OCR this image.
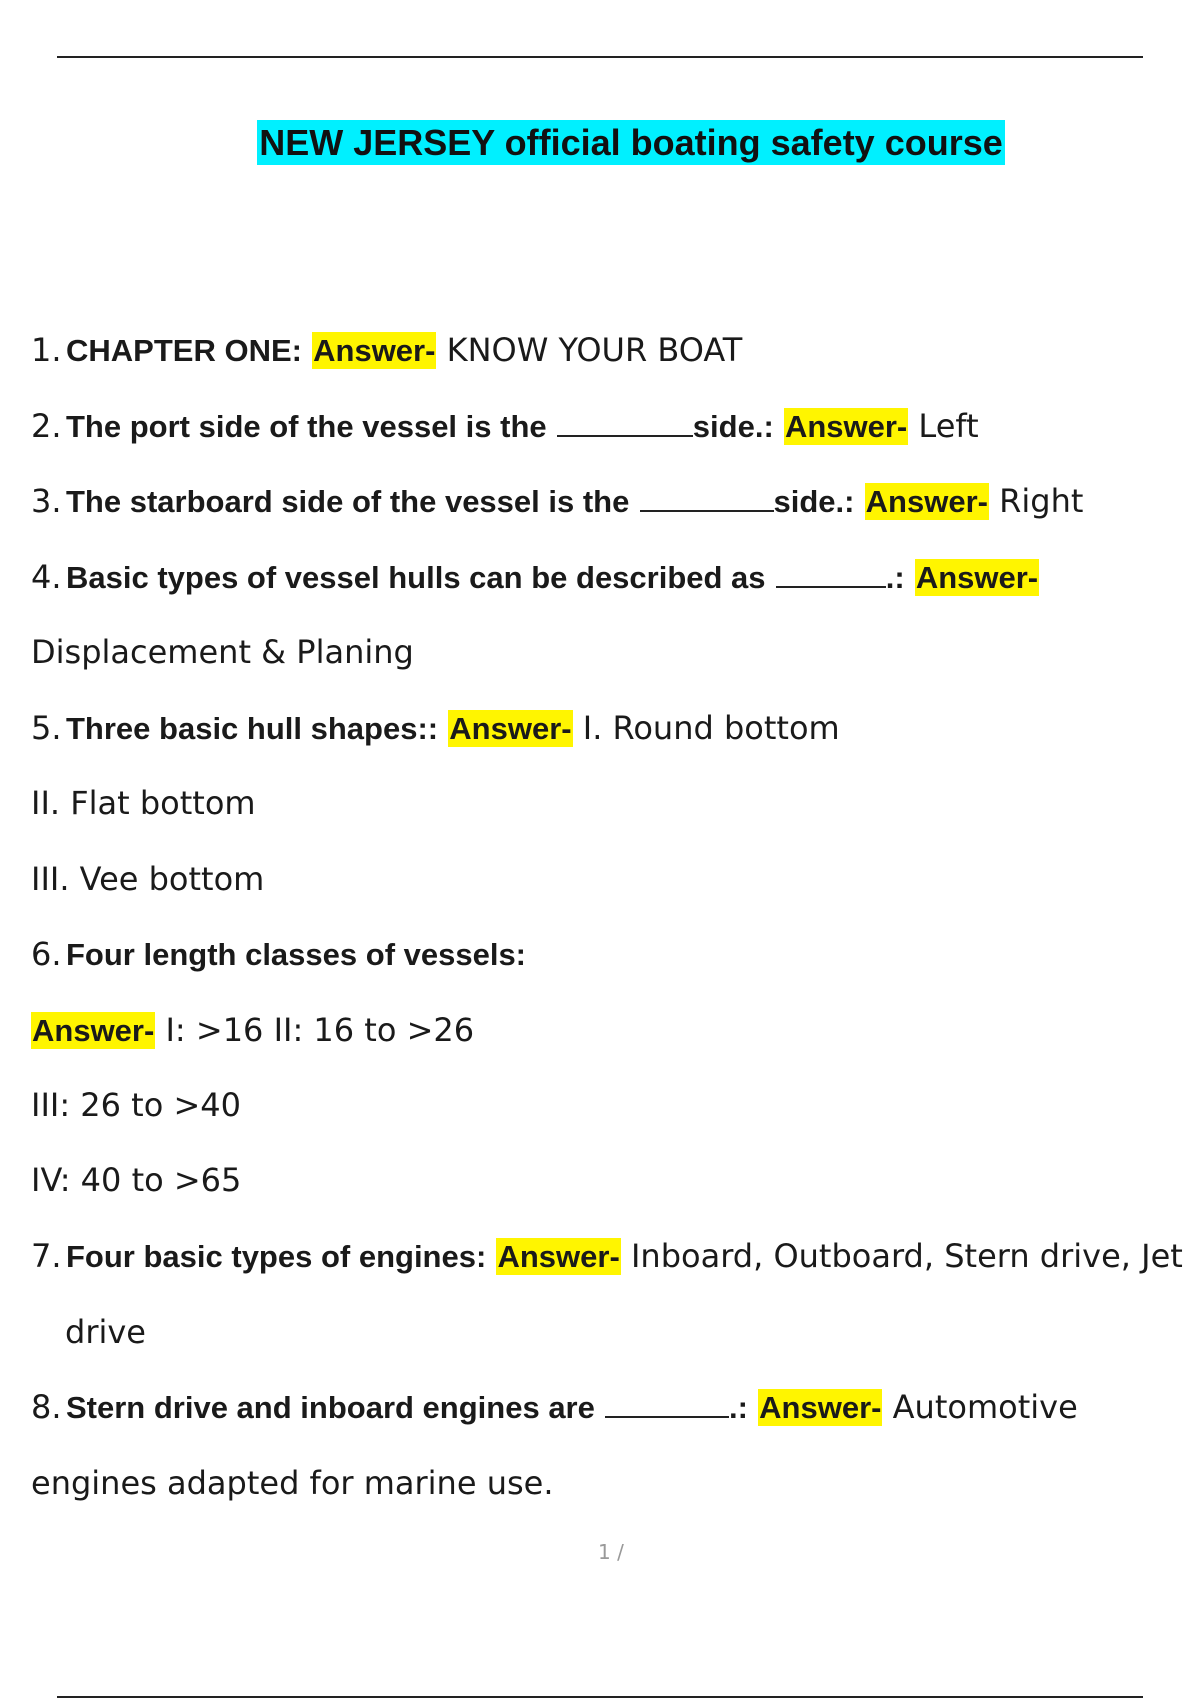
NEW JERSEY official boating safety course
1. CHAPTER ONE: Answer- KNOW YOUR BOAT
2. The port side of the vessel is the	side.: Answer- Left
3. The starboard side of the vessel is the	side.: Answer- Right
4. Basic types of vessel hulls can be described as	.: Answer-
Displacement & Planing
5. Three basic hull shapes:: Answer- I. Round bottom
II. Flat bottom
III. Vee bottom
6. Four length classes of vessels:
Answer- I: >16 II: 16 to >26
III: 26 to >40
IV: 40 to >65
7. Four basic types of engines: Answer- Inboard, Outboard, Stern drive, Jet
drive
8. Stern drive and inboard engines are	.: Answer- Automotive
engines adapted for marine use.
1 /
